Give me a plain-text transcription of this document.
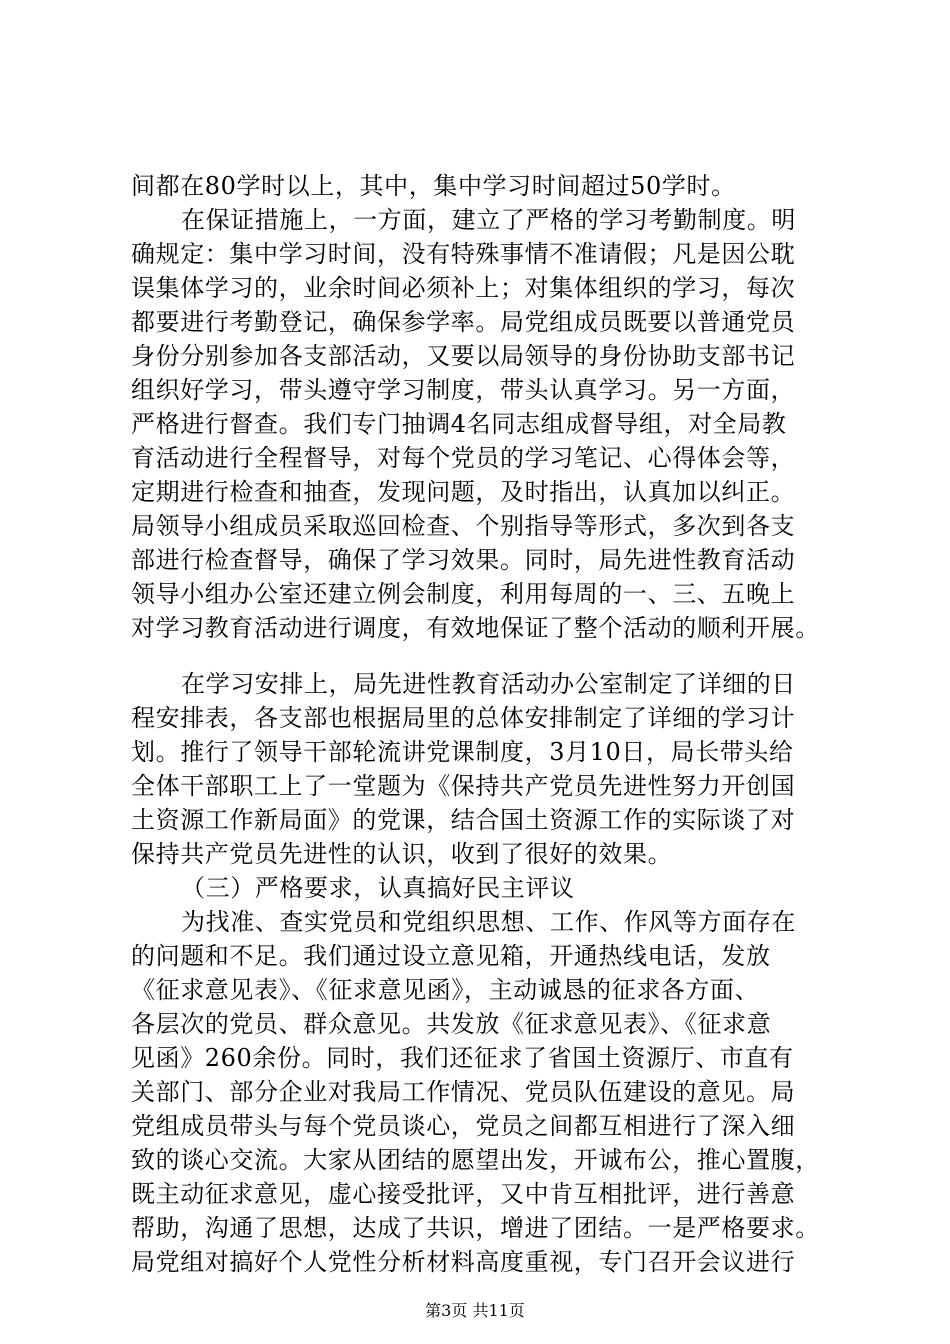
间都在80学时以上，其中，集中学习时间超过50学时。
在保证措施上，一方面，建立了严格的学习考勤制度。明
确规定：集中学习时间，没有特殊事情不准请假；凡是因公耽
误集体学习的，业余时间必须补上；对集体组织的学习，每次
都要进行考勤登记，确保参学率。局党组成员既要以普通党员
身份分别参加各支部活动，又要以局领导的身份协助支部书记
组织好学习，带头遵守学习制度，带头认真学习。另一方面，
严格进行督查。我们专门抽调4名同志组成督导组，对全局教
育活动进行全程督导，对每个党员的学习笔记、心得体会等，
定期进行检查和抽查，发现问题，及时指出，认真加以纠正。
局领导小组成员采取巡回检查、个别指导等形式，多次到各支
部进行检查督导，确保了学习效果。同时，局先进性教育活动
领导小组办公室还建立例会制度，利用每周的一、三、五晚上
对学习教育活动进行调度，有效地保证了整个活动的顺利开展。
在学习安排上，局先进性教育活动办公室制定了详细的日
程安排表，各支部也根据局里的总体安排制定了详细的学习计
划。推行了领导干部轮流讲党课制度，3月10日，局长带头给
全体干部职工上了一堂题为《保持共产党员先进性努力开创国
土资源工作新局面》的党课，结合国土资源工作的实际谈了对
保持共产党员先进性的认识，收到了很好的效果。
（三）严格要求，认真搞好民主评议
为找准、查实党员和党组织思想、工作、作风等方面存在
的问题和不足。我们通过设立意见箱，开通热线电话，发放
《征求意见表》、《征求意见函》，主动诚恳的征求各方面、
各层次的党员、群众意见。共发放《征求意见表》、《征求意
见函》260余份。同时，我们还征求了省国土资源厅、市直有
关部门、部分企业对我局工作情况、党员队伍建设的意见。局
党组成员带头与每个党员谈心，党员之间都互相进行了深入细
致的谈心交流。大家从团结的愿望出发，开诚布公，推心置腹，
既主动征求意见，虚心接受批评，又中肯互相批评，进行善意
帮助，沟通了思想，达成了共识，增进了团结。一是严格要求。
局党组对搞好个人党性分析材料高度重视，专门召开会议进行
第3页 共11页
